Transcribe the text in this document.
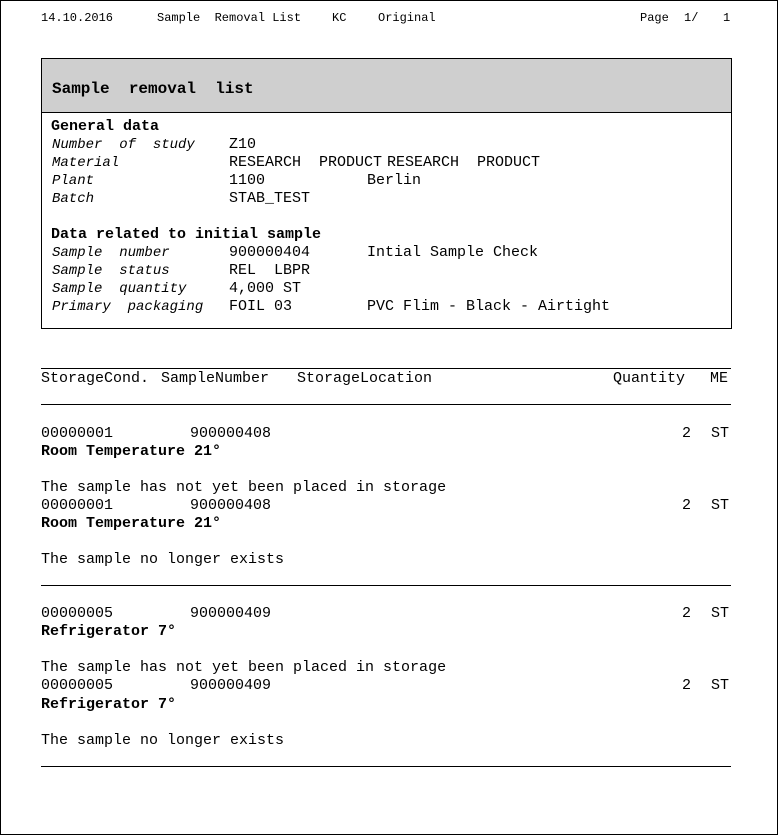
14.10.2016	Sample  Removal List	KC	Original	Page 1/ 1
Sample  removal  list
General data
Number  of  study Z10
Material	RESEARCH  PRODUCT RESEARCH  PRODUCT
Plant	1100	Berlin
Batch	STAB_TEST
Data related to initial sample
Sample  number	900000404	Intial Sample Check
Sample  status	REL  LBPR
Sample  quantity	4,000 ST
Primary  packaging FOIL 03	PVC Flim - Black - Airtight
StorageCond. SampleNumber StorageLocation	Quantity ME
00000001	900000408	2 ST
Room Temperature 21°
The sample has not yet been placed in storage
00000001	900000408	2 ST
Room Temperature 21°
The sample no longer exists
00000005	900000409	2 ST
Refrigerator 7°
The sample has not yet been placed in storage
00000005	900000409	2 ST
Refrigerator 7°
The sample no longer exists
